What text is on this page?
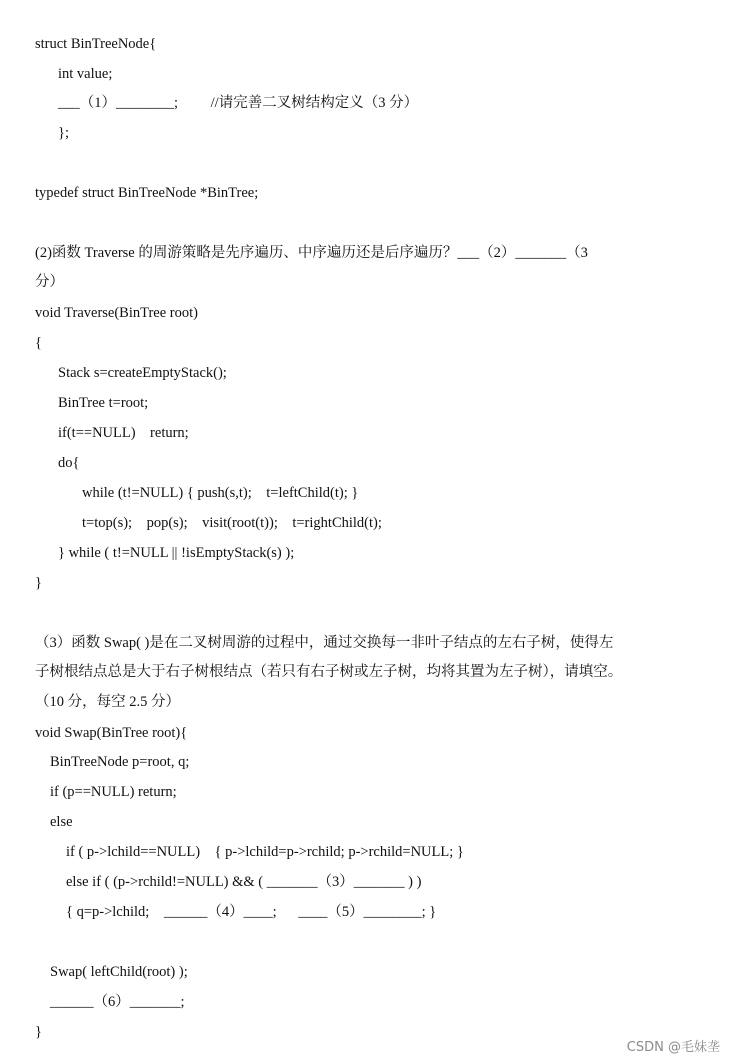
struct BinTreeNode{
int value;
___（1）________;         //请完善二叉树结构定义（3 分）
};
typedef struct BinTreeNode *BinTree;
(2)函数 Traverse 的周游策略是先序遍历、中序遍历还是后序遍历？___（2）_______（3
分）
void Traverse(BinTree root)
{
Stack s=createEmptyStack();
BinTree t=root;
if(t==NULL)    return;
do{
while (t!=NULL) { push(s,t);    t=leftChild(t); }
t=top(s);    pop(s);    visit(root(t));    t=rightChild(t);
} while ( t!=NULL || !isEmptyStack(s) );
}
（3）函数 Swap( )是在二叉树周游的过程中，通过交换每一非叶子结点的左右子树，使得左
子树根结点总是大于右子树根结点（若只有右子树或左子树，均将其置为左子树），请填空。
（10 分，每空 2.5 分）
void Swap(BinTree root){
BinTreeNode p=root, q;
if (p==NULL) return;
else
if ( p->lchild==NULL)    { p->lchild=p->rchild; p->rchild=NULL; }
else if ( (p->rchild!=NULL) && ( _______（3）_______ ) )
{ q=p->lchild;    ______（4）____;      ____（5）________; }
Swap( leftChild(root) );
______（6）_______;
}
CSDN @毛妹垄
